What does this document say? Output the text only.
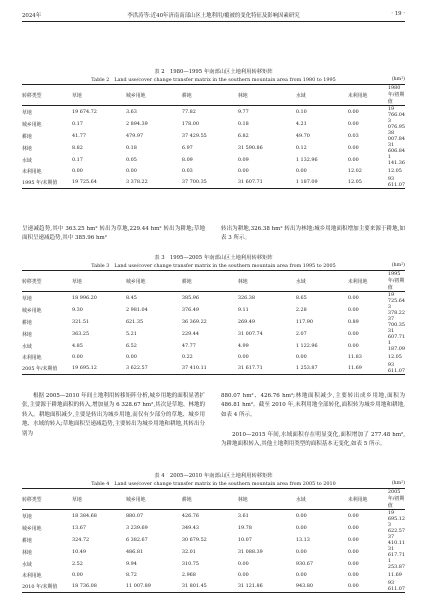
2024年	李洪涛等:近40年济南南部山区土地利用/覆被的变化特征及影响因素研究	· 19 ·
表 2　1980—1995 年南部山区土地利用转移矩阵
Table 2　Land use/cover change transfer matrix in the southern mountain area from 1980 to 1995	(hm²)
转移类型	草地	城乡用地	耕地	林地	水域	未利用地	1980 年/初期值
草地	19 674.72	3.63	77.82	9.77	0.10	0.00	19 766.04
城乡用地	0.17	2 894.39	178.00	0.18	4.21	0.00	3 076.95
耕地	41.77	479.97	37 429.55	6.82	49.70	0.03	38 007.84
林地	8.82	0.18	6.97	31 590.86	0.12	0.00	31 606.84
水域	0.17	0.05	8.09	0.09	1 132.96	0.00	1 141.36
未利用地	0.00	0.00	0.03	0.00	0.00	12.02	12.05
1995 年/末期值	19 725.64	3 378.22	37 700.35	31 607.71	1 187.09	12.05	93 611.07
呈递减趋势,其中 363.25 hm² 转出为草地,229.44 hm² 转出为耕地;草地面积呈递减趋势,其中 385.96 hm²
转出为耕地,326.38 hm² 转出为林地;城乡用地面积增加主要来源于耕地,如表 3 所示。
表 3　1995—2005 年南部山区土地利用转移矩阵
Table 3　Land use/cover change transfer matrix in the southern mountain area from 1995 to 2005	(hm²)
转移类型	草地	城乡用地	耕地	林地	水域	未利用地	1995 年/初期值
草地	18 996.20	8.45	385.96	326.38	8.65	0.00	19 725.64
城乡用地	9.30	2 981.04	376.49	9.11	2.28	0.00	3 378.22
耕地	321.51	621.35	36 369.22	269.49	117.90	0.89	37 700.35
林地	363.25	5.21	229.44	31 007.74	2.07	0.00	31 607.71
水域	4.85	6.52	47.77	4.99	1 122.96	0.00	1 187.09
未利用地	0.00	0.00	0.22	0.00	0.00	11.83	12.05
2005 年/末期值	19 695.12	3 622.57	37 410.11	31 617.71	1 253.87	11.69	93 611.07
根据 2005—2010 年间土地利用转移矩阵分析,城乡用地的面积显著扩张,主要源于耕地面积的转入,增加量为 6 328.67 hm²,其次是草地、林地的转入。耕地面积减少,主要是转出为城乡用地,而仅有少部分的草地、城乡用地、水域的转入;草地面积呈递减趋势,主要转出为城乡用地和耕地,其转出分别为
880.07 hm²、426.76 hm²;林地面积减少,主要转出成乡用地,面积为 486.81 hm²。截至 2010 年,未利用地全部转化,面积转为城乡用地和耕地,如表 4 所示。
2010—2015 年间,水域面积存在明显变化,面积增加了 277.48 hm²,为耕地面积转入,其他土地利用类型的面积基本无变化,如表 5 所示。
表 4　2005—2010 年南部山区土地利用转移矩阵
Table 4　Land use/cover change transfer matrix in the southern mountain area from 2005 to 2010	(hm²)
转移类型	草地	城乡用地	耕地	林地	水域	未利用地	2005 年/初期值
草地	18 384.68	880.07	426.76	3.61	0.00	0.00	19 695.12
城乡用地	13.67	3 239.69	349.43	19.78	0.00	0.00	3 622.57
耕地	324.72	6 382.67	30 679.52	10.07	13.13	0.00	37 410.11
林地	10.49	486.81	32.01	31 088.39	0.00	0.00	31 617.71
水域	2.52	9.94	310.75	0.00	930.67	0.00	1 253.87
未利用地	0.00	8.72	2.968	0.00	0.00	0.00	11.69
2010 年/末期值	18 736.08	11 007.89	31 801.45	31 121.86	943.80	0.00	93 611.07
